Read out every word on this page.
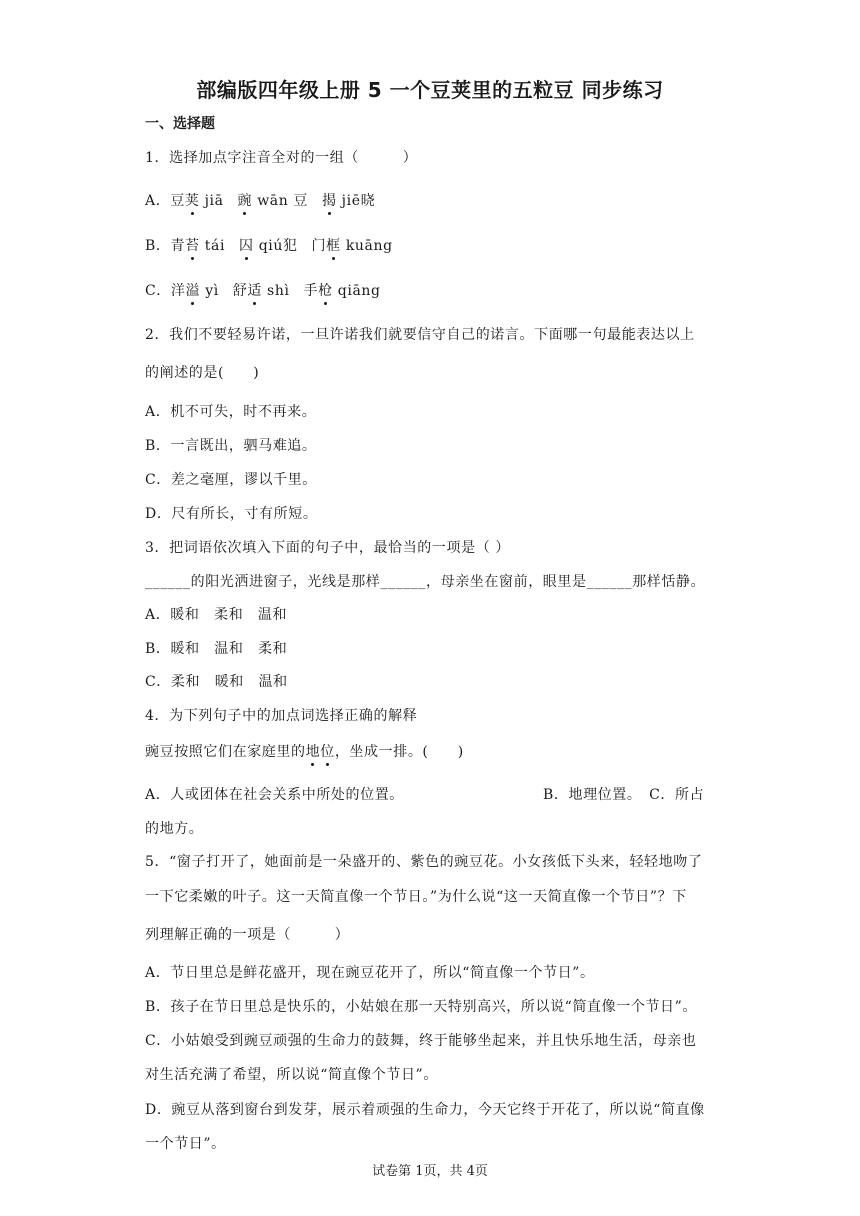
部编版四年级上册 5 一个豆荚里的五粒豆 同步练习
一、选择题
1．选择加点字注音全对的一组（　　　）
A．豆荚 jiā 豌 wān 豆 揭 jiē晓
B．青苔 tái 囚 qiú犯 门框 kuāng
C．洋溢 yì 舒适 shì 手枪 qiāng
2．我们不要轻易许诺，一旦许诺我们就要信守自己的诺言。下面哪一句最能表达以上
的阐述的是(　　)
A．机不可失，时不再来。
B．一言既出，驷马难追。
C．差之毫厘，谬以千里。
D．尺有所长，寸有所短。
3．把词语依次填入下面的句子中，最恰当的一项是（ ）
______的阳光洒进窗子，光线是那样______，母亲坐在窗前，眼里是______那样恬静。
A．暖和　柔和　温和
B．暖和　温和　柔和
C．柔和　暖和　温和
4．为下列句子中的加点词选择正确的解释
豌豆按照它们在家庭里的地位，坐成一排。(　　)
A．人或团体在社会关系中所处的位置。	B．地理位置。　C．所占
的地方。
5．“窗子打开了，她面前是一朵盛开的、紫色的豌豆花。小女孩低下头来，轻轻地吻了
一下它柔嫩的叶子。这一天简直像一个节日。”为什么说“这一天简直像一个节日”？下
列理解正确的一项是（　　　）
A．节日里总是鲜花盛开，现在豌豆花开了，所以“简直像一个节日”。
B．孩子在节日里总是快乐的，小姑娘在那一天特别高兴，所以说“简直像一个节日”。
C．小姑娘受到豌豆顽强的生命力的鼓舞，终于能够坐起来，并且快乐地生活，母亲也
对生活充满了希望，所以说“简直像个节日”。
D．豌豆从落到窗台到发芽，展示着顽强的生命力，今天它终于开花了，所以说“简直像
一个节日”。
试卷第 1页，共 4页
